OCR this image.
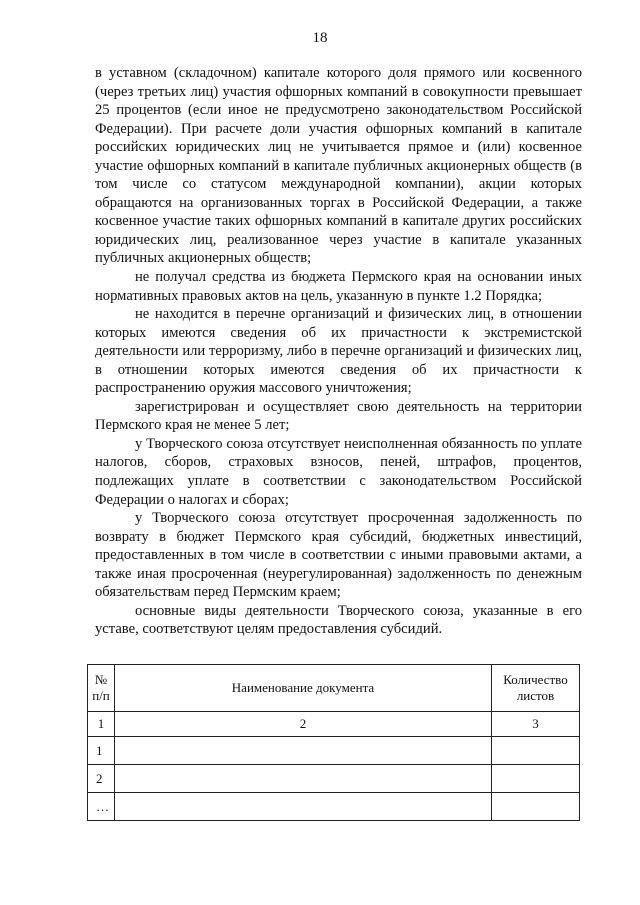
18

в уставном (складочном) капитале которого доля прямого или косвенного (через третьих лиц) участия офшорных компаний в совокупности превышает 25 процентов (если иное не предусмотрено законодательством Российской Федерации). При расчете доли участия офшорных компаний в капитале российских юридических лиц не учитывается прямое и (или) косвенное участие офшорных компаний в капитале публичных акционерных обществ (в том числе со статусом международной компании), акции которых обращаются на организованных торгах в Российской Федерации, а также косвенное участие таких офшорных компаний в капитале других российских юридических лиц, реализованное через участие в капитале указанных публичных акционерных обществ;

не получал средства из бюджета Пермского края на основании иных нормативных правовых актов на цель, указанную в пункте 1.2 Порядка;

не находится в перечне организаций и физических лиц, в отношении которых имеются сведения об их причастности к экстремистской деятельности или терроризму, либо в перечне организаций и физических лиц, в отношении которых имеются сведения об их причастности к распространению оружия массового уничтожения;

зарегистрирован и осуществляет свою деятельность на территории Пермского края не менее 5 лет;

у Творческого союза отсутствует неисполненная обязанность по уплате налогов, сборов, страховых взносов, пеней, штрафов, процентов, подлежащих уплате в соответствии с законодательством Российской Федерации о налогах и сборах;

у Творческого союза отсутствует просроченная задолженность по возврату в бюджет Пермского края субсидий, бюджетных инвестиций, предоставленных в том числе в соответствии с иными правовыми актами, а также иная просроченная (неурегулированная) задолженность по денежным обязательствам перед Пермским краем;

основные виды деятельности Творческого союза, указанные в его уставе, соответствуют целям предоставления субсидий.

№ п/п	Наименование документа	Количество листов
1	2	3
1		
2		
…		
